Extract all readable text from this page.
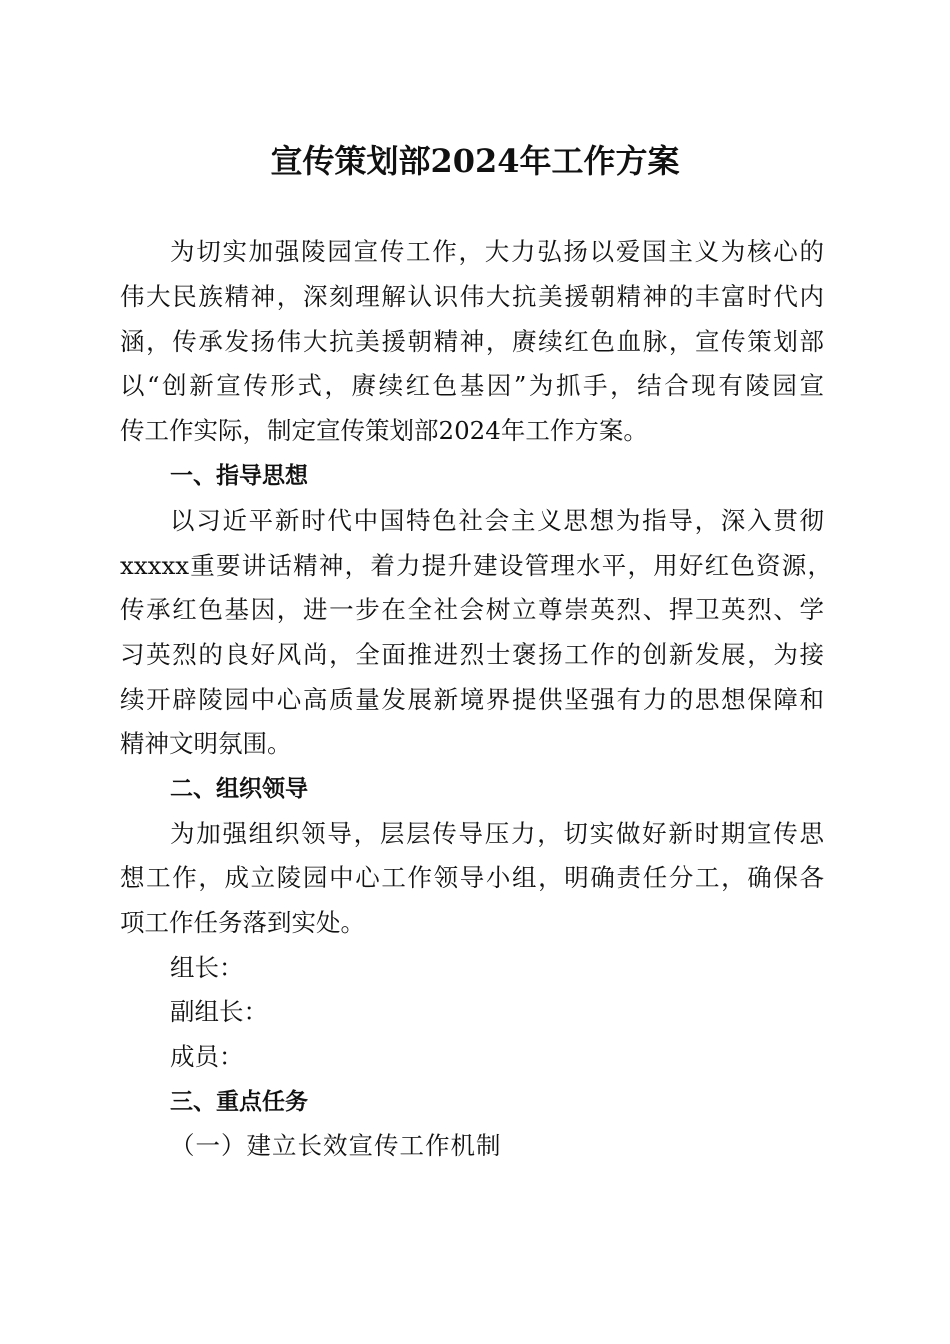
宣传策划部2024年工作方案
为切实加强陵园宣传工作，大力弘扬以爱国主义为核心的
伟大民族精神，深刻理解认识伟大抗美援朝精神的丰富时代内
涵，传承发扬伟大抗美援朝精神，赓续红色血脉，宣传策划部
以“创新宣传形式，赓续红色基因”为抓手，结合现有陵园宣
传工作实际，制定宣传策划部2024年工作方案。
一、指导思想
以习近平新时代中国特色社会主义思想为指导，深入贯彻
xxxxx重要讲话精神，着力提升建设管理水平，用好红色资源，
传承红色基因，进一步在全社会树立尊崇英烈、捍卫英烈、学
习英烈的良好风尚，全面推进烈士褒扬工作的创新发展，为接
续开辟陵园中心高质量发展新境界提供坚强有力的思想保障和
精神文明氛围。
二、组织领导
为加强组织领导，层层传导压力，切实做好新时期宣传思
想工作，成立陵园中心工作领导小组，明确责任分工，确保各
项工作任务落到实处。
组长：
副组长：
成员：
三、重点任务
（一）建立长效宣传工作机制
